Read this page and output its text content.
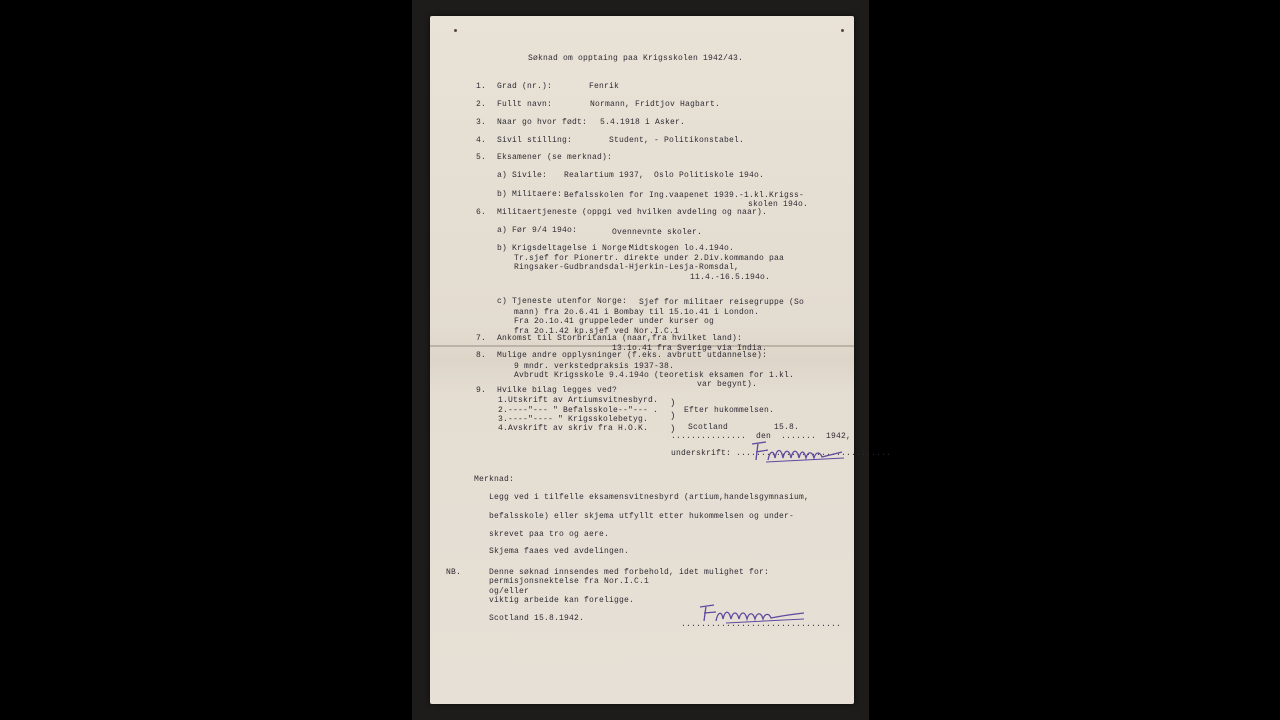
Søknad om opptaing paa Krigsskolen 1942/43.
1. Grad (nr.):	Fenrik
2. Fullt navn:	Normann, Fridtjov Hagbart.
3. Naar go hvor født: 5.4.1918 i Asker.
4. Sivil stilling:	Student, - Politikonstabel.
5. Eksamener (se merknad):
a) Sivile: Realartium 1937,  Oslo Politiskole 194o.
b) Militaere: Befalsskolen for Ing.vaapenet 1939.-1.kl.Krigss-
skolen 194o.
6. Militaertjeneste (oppgi ved hvilken avdeling og naar).
a) Før 9/4 194o:	Ovennevnte skoler.
b) Krigsdeltagelse i Norge:
Midtskogen lo.4.194o.
Tr.sjef for Pionertr. direkte under 2.Div.kommando paa
Ringsaker-Gudbrandsdal-Hjerkin-Lesja-Romsdal,
11.4.-16.5.194o.
c) Tjeneste utenfor Norge: Sjef for militaer reisegruppe (So
mann) fra 2o.6.41 i Bombay til 15.1o.41 i London.
Fra 2o.1o.41 gruppeleder under kurser og
fra 2o.1.42 kp.sjef ved Nor.I.C.1
7. Ankomst til Storbritania (naar,fra hvilket land):
13.1o.41 fra Sverige via India.
8. Mulige andre opplysninger (f.eks. avbrutt utdannelse):
9 mndr. verkstedpraksis 1937-38.
Avbrudt Krigsskole 9.4.194o (teoretisk eksamen for 1.kl.
var begynt).
9. Hvilke bilag legges ved?
1.Utskrift av Artiumsvitnesbyrd.
2.----"--- " Befalsskole--"--- .
3.----"---- " Krigsskolebetyg.
4.Avskrift av skriv fra H.O.K.
)
)
)
Efter hukommelsen.
Scotland	15.8.
...............  den  .......  1942,
underskrift: ...............................
Merknad:
Legg ved i tilfelle eksamensvitnesbyrd (artium,handelsgymnasium,
befalsskole) eller skjema utfyllt etter hukommelsen og under-
skrevet paa tro og aere.
Skjema faaes ved avdelingen.
NB.	Denne søknad innsendes med forbehold, idet mulighet for:
permisjonsnektelse fra Nor.I.C.1
og/eller
viktig arbeide kan foreligge.
Scotland 15.8.1942.
................................
